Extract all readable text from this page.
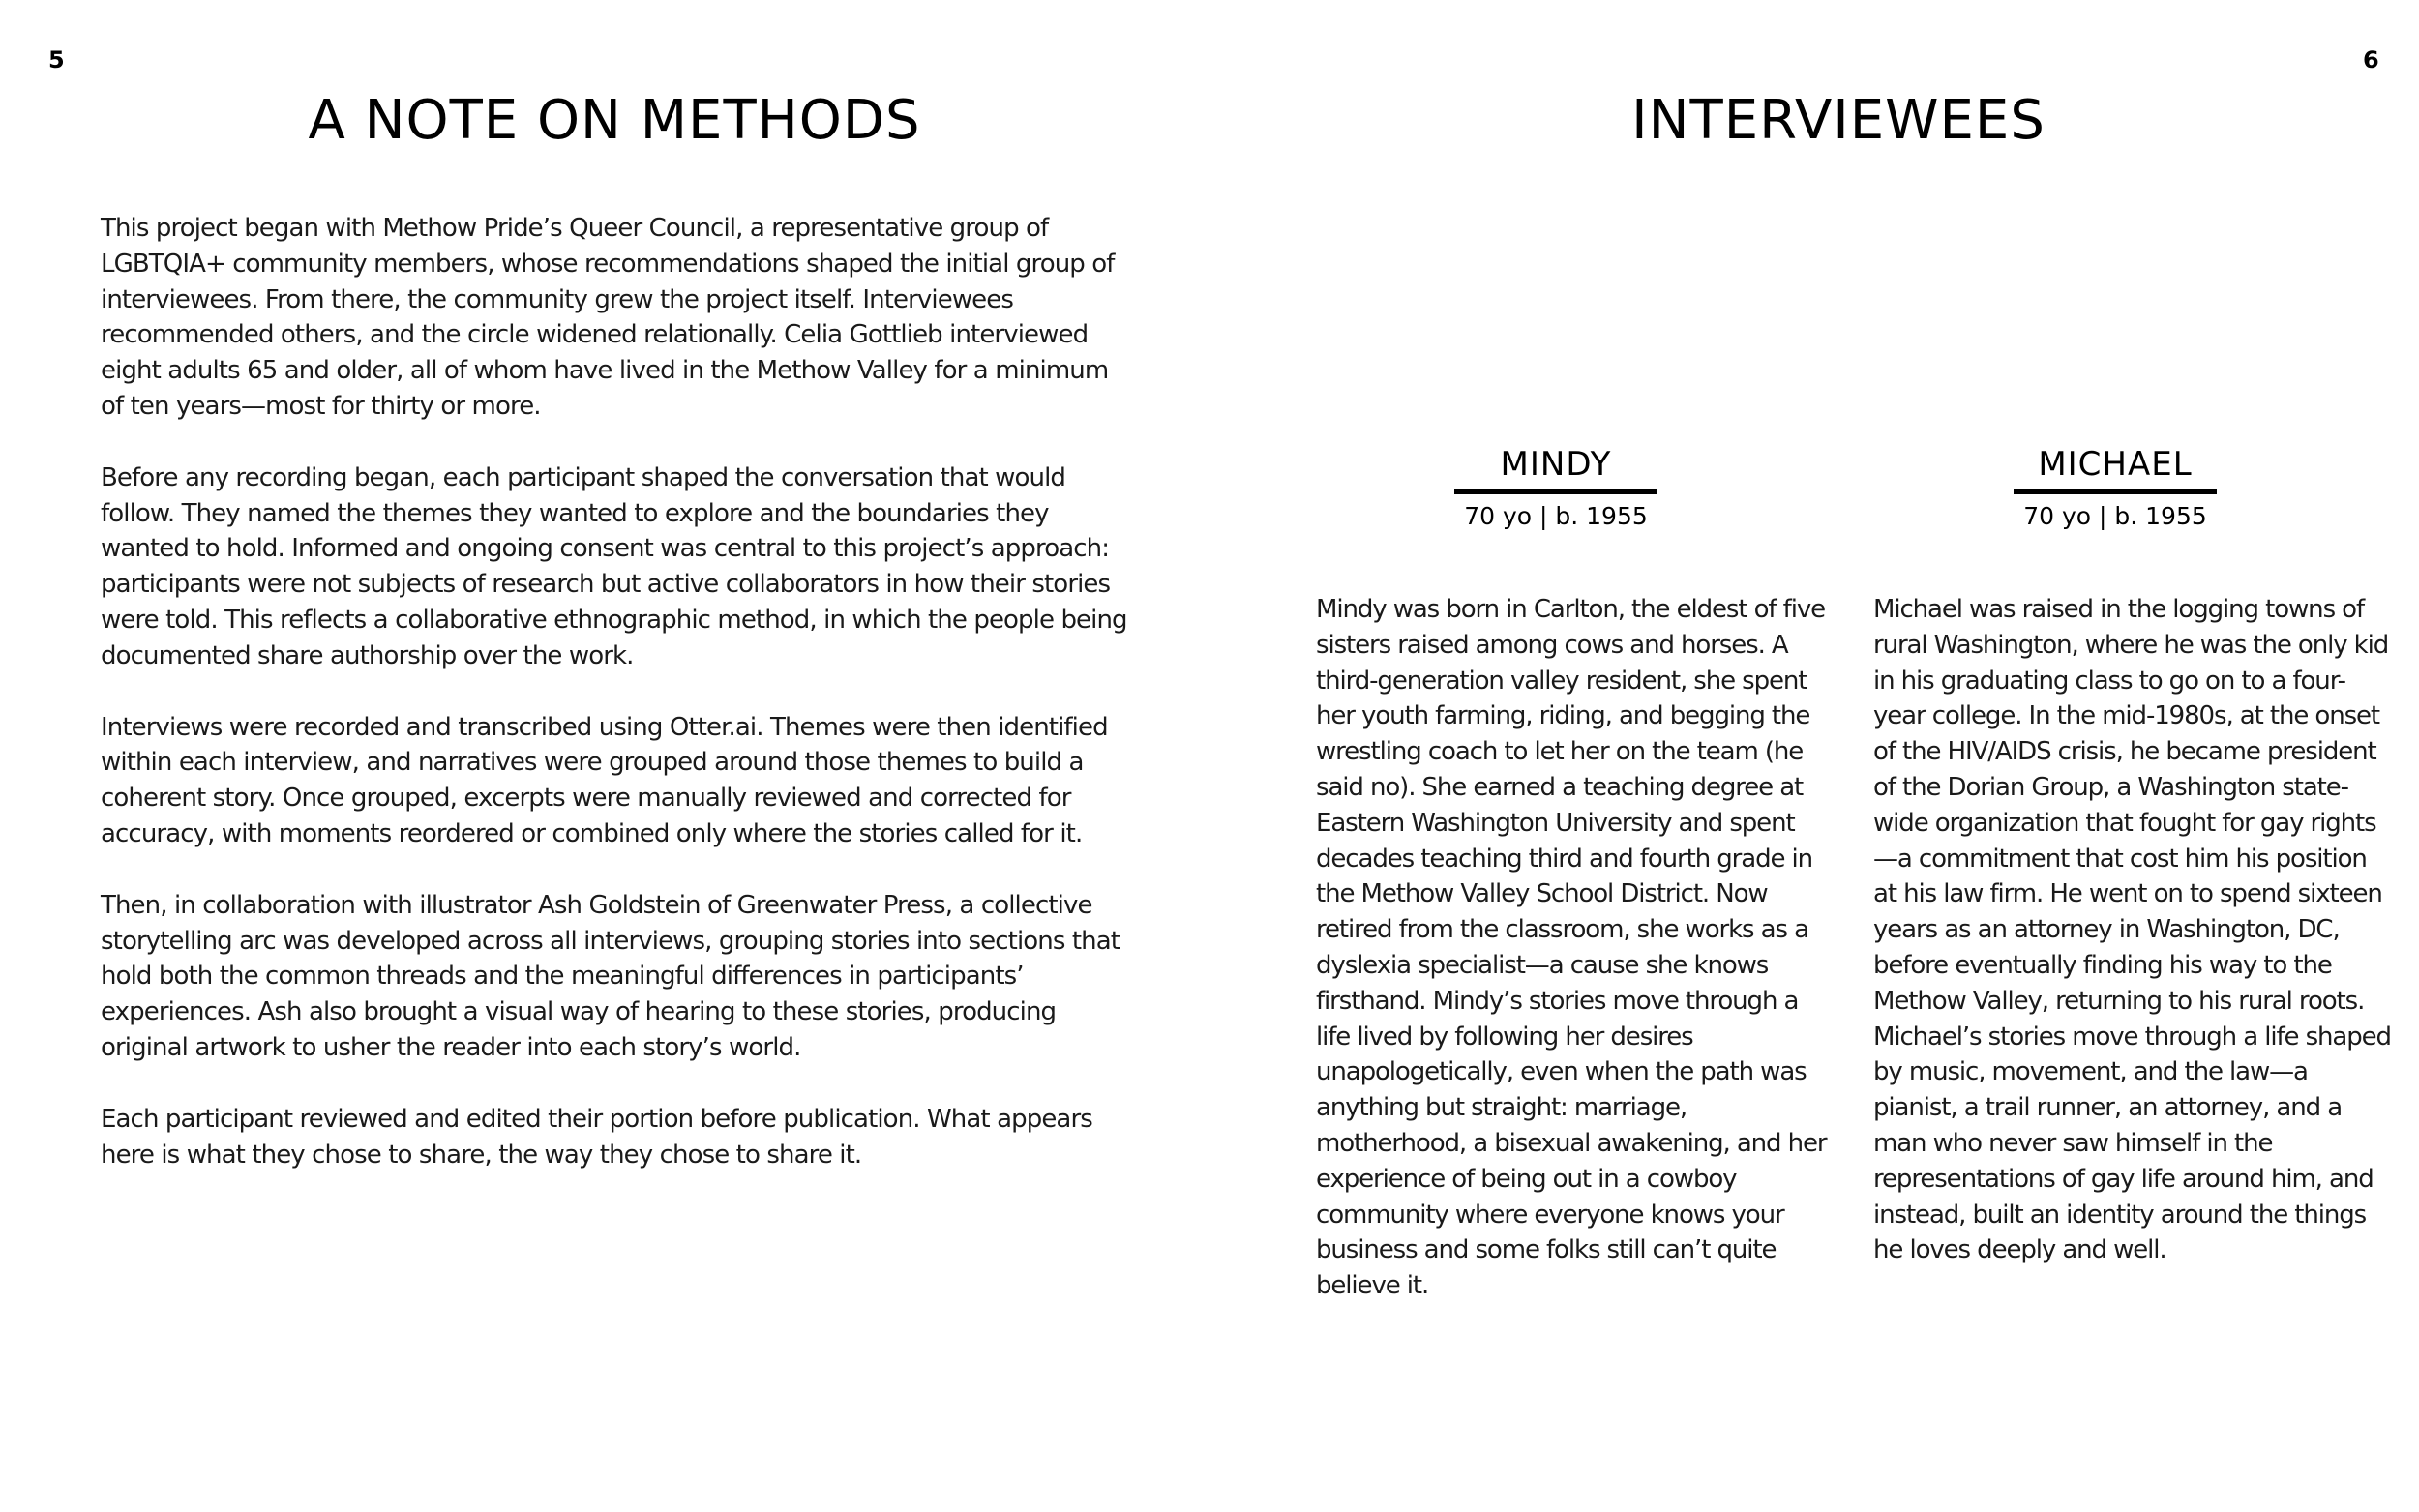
5	6
A NOTE ON METHODS

This project began with Methow Pride’s Queer Council, a representative group of LGBTQIA+ community members, whose recommendations shaped the initial group of interviewees. From there, the community grew the project itself. Interviewees recommended others, and the circle widened relationally. Celia Gottlieb interviewed eight adults 65 and older, all of whom have lived in the Methow Valley for a minimum of ten years—most for thirty or more.

Before any recording began, each participant shaped the conversation that would follow. They named the themes they wanted to explore and the boundaries they wanted to hold. Informed and ongoing consent was central to this project’s approach: participants were not subjects of research but active collaborators in how their stories were told. This reflects a collaborative ethnographic method, in which the people being documented share authorship over the work.

Interviews were recorded and transcribed using Otter.ai. Themes were then identified within each interview, and narratives were grouped around those themes to build a coherent story. Once grouped, excerpts were manually reviewed and corrected for accuracy, with moments reordered or combined only where the stories called for it.

Then, in collaboration with illustrator Ash Goldstein of Greenwater Press, a collective storytelling arc was developed across all interviews, grouping stories into sections that hold both the common threads and the meaningful differences in participants’ experiences. Ash also brought a visual way of hearing to these stories, producing original artwork to usher the reader into each story’s world.

Each participant reviewed and edited their portion before publication. What appears here is what they chose to share, the way they chose to share it.

INTERVIEWEES
MINDY
70 yo | b. 1955
MICHAEL
70 yo | b. 1955

Mindy was born in Carlton, the eldest of five sisters raised among cows and horses. A third-generation valley resident, she spent her youth farming, riding, and begging the wrestling coach to let her on the team (he said no). She earned a teaching degree at Eastern Washington University and spent decades teaching third and fourth grade in the Methow Valley School District. Now retired from the classroom, she works as a dyslexia specialist—a cause she knows firsthand. Mindy’s stories move through a life lived by following her desires unapologetically, even when the path was anything but straight: marriage, motherhood, a bisexual awakening, and her experience of being out in a cowboy community where everyone knows your business and some folks still can’t quite believe it.

Michael was raised in the logging towns of rural Washington, where he was the only kid in his graduating class to go on to a four-year college. In the mid-1980s, at the onset of the HIV/AIDS crisis, he became president of the Dorian Group, a Washington state-wide organization that fought for gay rights—a commitment that cost him his position at his law firm. He went on to spend sixteen years as an attorney in Washington, DC, before eventually finding his way to the Methow Valley, returning to his rural roots. Michael’s stories move through a life shaped by music, movement, and the law—a pianist, a trail runner, an attorney, and a man who never saw himself in the representations of gay life around him, and instead, built an identity around the things he loves deeply and well.
